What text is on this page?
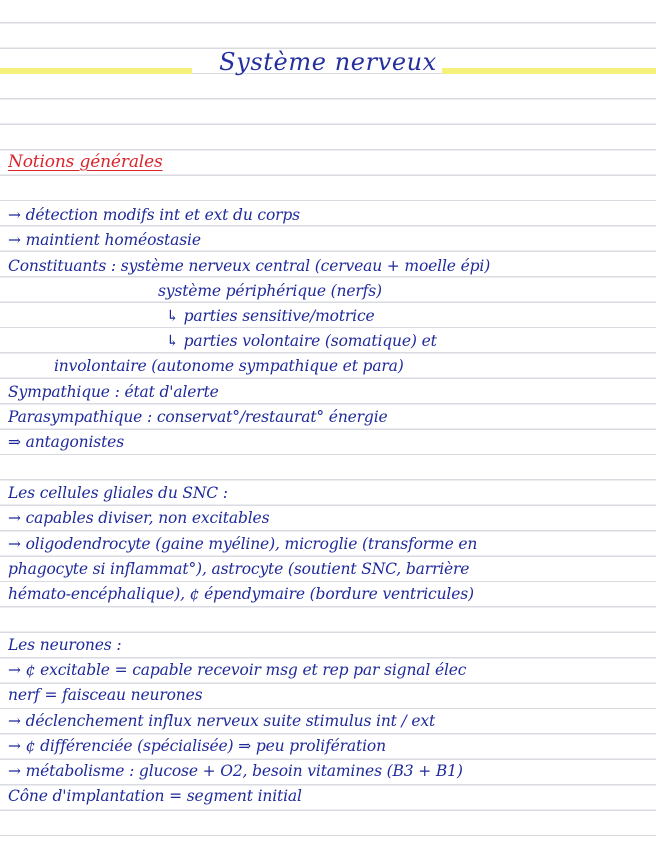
Système nerveux
Notions générales
→ détection modifs int et ext du corps
→ maintient homéostasie
Constituants : système nerveux central (cerveau + moelle épi)
système périphérique (nerfs)
↳ parties sensitive/motrice
↳ parties volontaire (somatique) et
involontaire (autonome sympathique et para)
Sympathique : état d'alerte
Parasympathique : conservat°/restaurat° énergie
⇒ antagonistes
Les cellules gliales du SNC :
→ capables diviser, non excitables
→ oligodendrocyte (gaine myéline), microglie (transforme en
phagocyte si inflammat°), astrocyte (soutient SNC, barrière
hémato-encéphalique), ¢ épendymaire (bordure ventricules)
Les neurones :
→ ¢ excitable = capable recevoir msg et rep par signal élec
nerf = faisceau neurones
→ déclenchement influx nerveux suite stimulus int / ext
→ ¢ différenciée (spécialisée) ⇒ peu prolifération
→ métabolisme : glucose + O2, besoin vitamines (B3 + B1)
Cône d'implantation = segment initial
